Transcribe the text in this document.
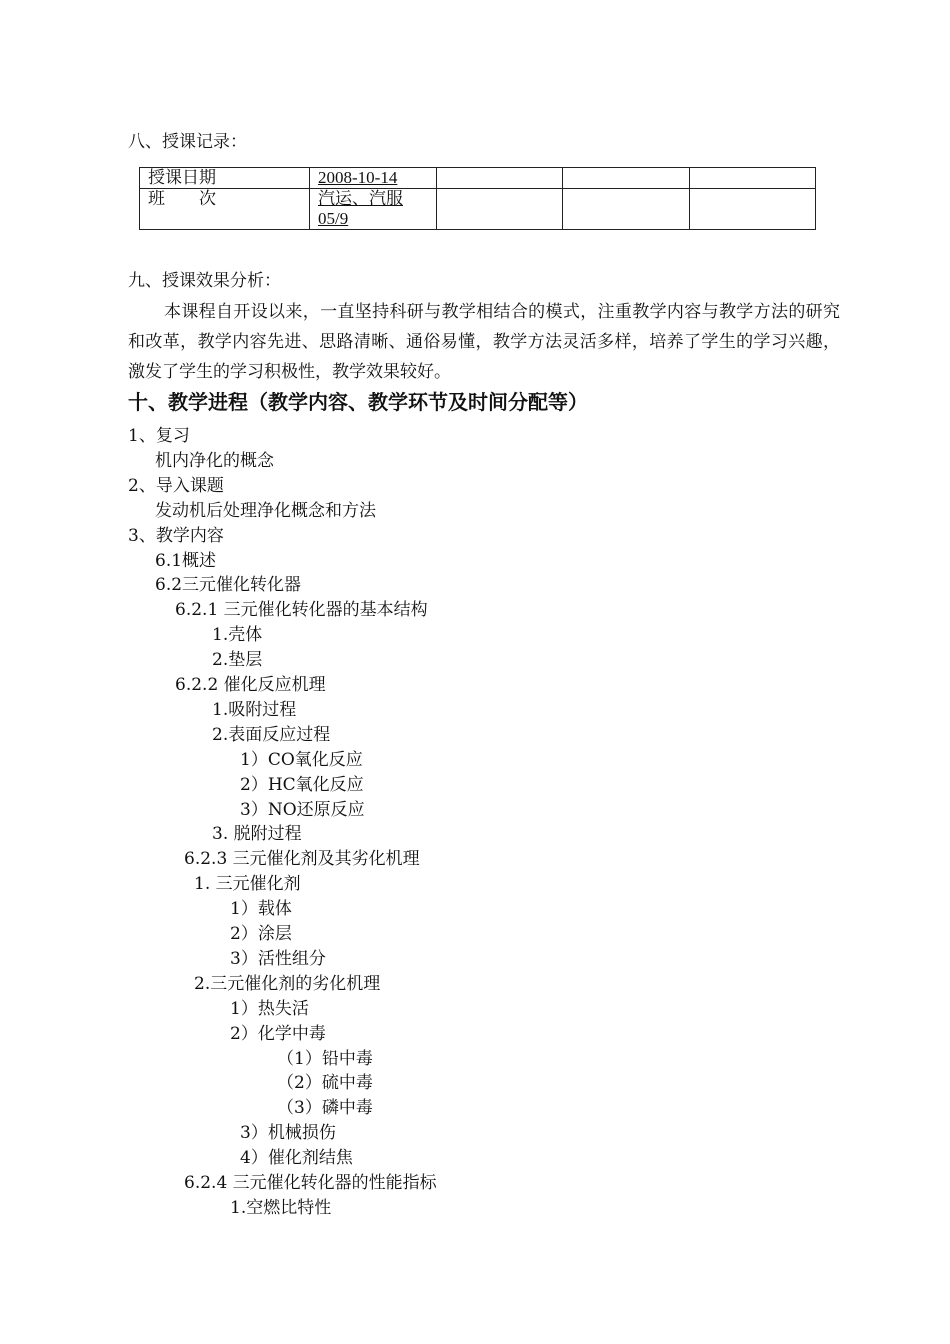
八、授课记录：
授课日期	2008-10-14			
班　　次	汽运、汽服05/9			
九、授课效果分析：
本课程自开设以来，一直坚持科研与教学相结合的模式，注重教学内容与教学方法的研究和改革，教学内容先进、思路清晰、通俗易懂，教学方法灵活多样，培养了学生的学习兴趣，激发了学生的学习积极性，教学效果较好。
十、教学进程（教学内容、教学环节及时间分配等）
1、复习
机内净化的概念
2、导入课题
发动机后处理净化概念和方法
3、教学内容
6.1概述
6.2三元催化转化器
6.2.1 三元催化转化器的基本结构
1.壳体
2.垫层
6.2.2 催化反应机理
1.吸附过程
2.表面反应过程
1）CO氧化反应
2）HC氧化反应
3）NO还原反应
3. 脱附过程
6.2.3 三元催化剂及其劣化机理
1. 三元催化剂
1）载体
2）涂层
3）活性组分
2.三元催化剂的劣化机理
1）热失活
2）化学中毒
（1）铅中毒
（2）硫中毒
（3）磷中毒
3）机械损伤
4）催化剂结焦
6.2.4 三元催化转化器的性能指标
1.空燃比特性
